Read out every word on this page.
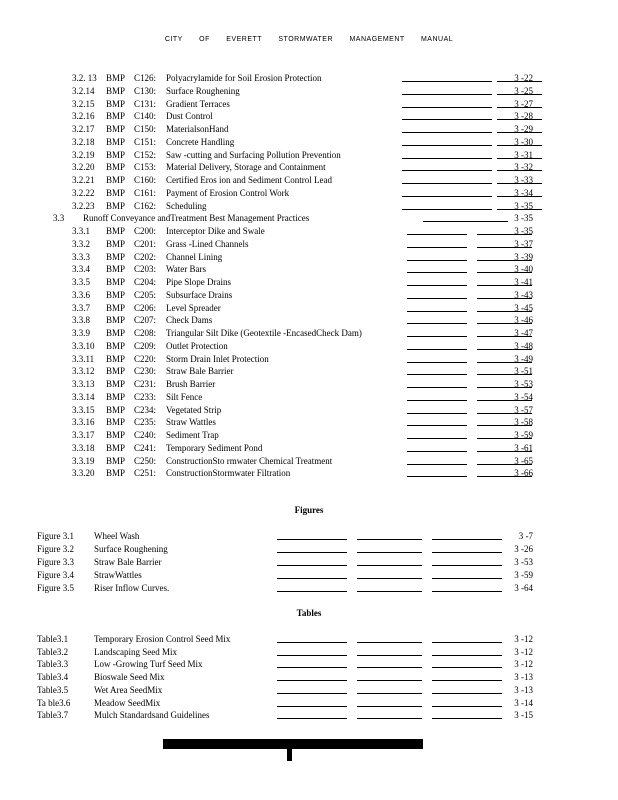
CITY OF EVERETT STORMWATER MANAGEMENT MANUAL
3.2. 13 BMP C126: Polyacrylamide for Soil Erosion Protection	3 -22
3.2.14 BMP C130: Surface Roughening	3 -25
3.2.15 BMP C131: Gradient Terraces	3 -27
3.2.16 BMP C140: Dust Control	3 -28
3.2.17 BMP C150: MaterialsonHand	3 -29
3.2.18 BMP C151: Concrete Handling	3 -30
3.2.19 BMP C152: Saw -cutting and Surfacing Pollution Prevention	3 -31
3.2.20 BMP C153: Material Delivery, Storage and Containment	3 -32
3.2.21 BMP C160: Certified Eros ion and Sediment Control Lead	3 -33
3.2.22 BMP C161: Payment of Erosion Control Work	3 -34
3.2.23 BMP C162: Scheduling	3 -35
3.3 Runoff Conveyance andTreatment Best Management Practices	3 -35
3.3.1 BMP C200: Interceptor Dike and Swale	3 -35
3.3.2 BMP C201: Grass -Lined Channels	3 -37
3.3.3 BMP C202: Channel Lining	3 -39
3.3.4 BMP C203: Water Bars	3 -40
3.3.5 BMP C204: Pipe Slope Drains	3 -41
3.3.6 BMP C205: Subsurface Drains	3 -43
3.3.7 BMP C206: Level Spreader	3 -45
3.3.8 BMP C207: Check Dams	3 -46
3.3.9 BMP C208: Triangular Silt Dike (Geotextile -EncasedCheck Dam)	3 -47
3.3.10 BMP C209: Outlet Protection	3 -48
3.3.11 BMP C220: Storm Drain Inlet Protection	3 -49
3.3.12 BMP C230: Straw Bale Barrier	3 -51
3.3.13 BMP C231: Brush Barrier	3 -53
3.3.14 BMP C233: Silt Fence	3 -54
3.3.15 BMP C234: Vegetated Strip	3 -57
3.3.16 BMP C235: Straw Wattles	3 -58
3.3.17 BMP C240: Sediment Trap	3 -59
3.3.18 BMP C241: Temporary Sediment Pond	3 -61
3.3.19 BMP C250: ConstructionSto rmwater Chemical Treatment	3 -65
3.3.20 BMP C251: ConstructionStormwater Filtration	3 -66
Figures
Figure 3.1 Wheel Wash	3 -7
Figure 3.2 Surface Roughening	3 -26
Figure 3.3 Straw Bale Barrier	3 -53
Figure 3.4 StrawWattles	3 -59
Figure 3.5 Riser Inflow Curves.	3 -64
Tables
Table3.1	Temporary Erosion Control Seed Mix	3 -12
Table3.2	Landscaping Seed Mix	3 -12
Table3.3	Low -Growing Turf Seed Mix	3 -12
Table3.4	Bioswale Seed Mix	3 -13
Table3.5	Wet Area SeedMix	3 -13
Ta ble3.6	Meadow SeedMix	3 -14
Table3.7	Mulch Standardsand Guidelines	3 -15
